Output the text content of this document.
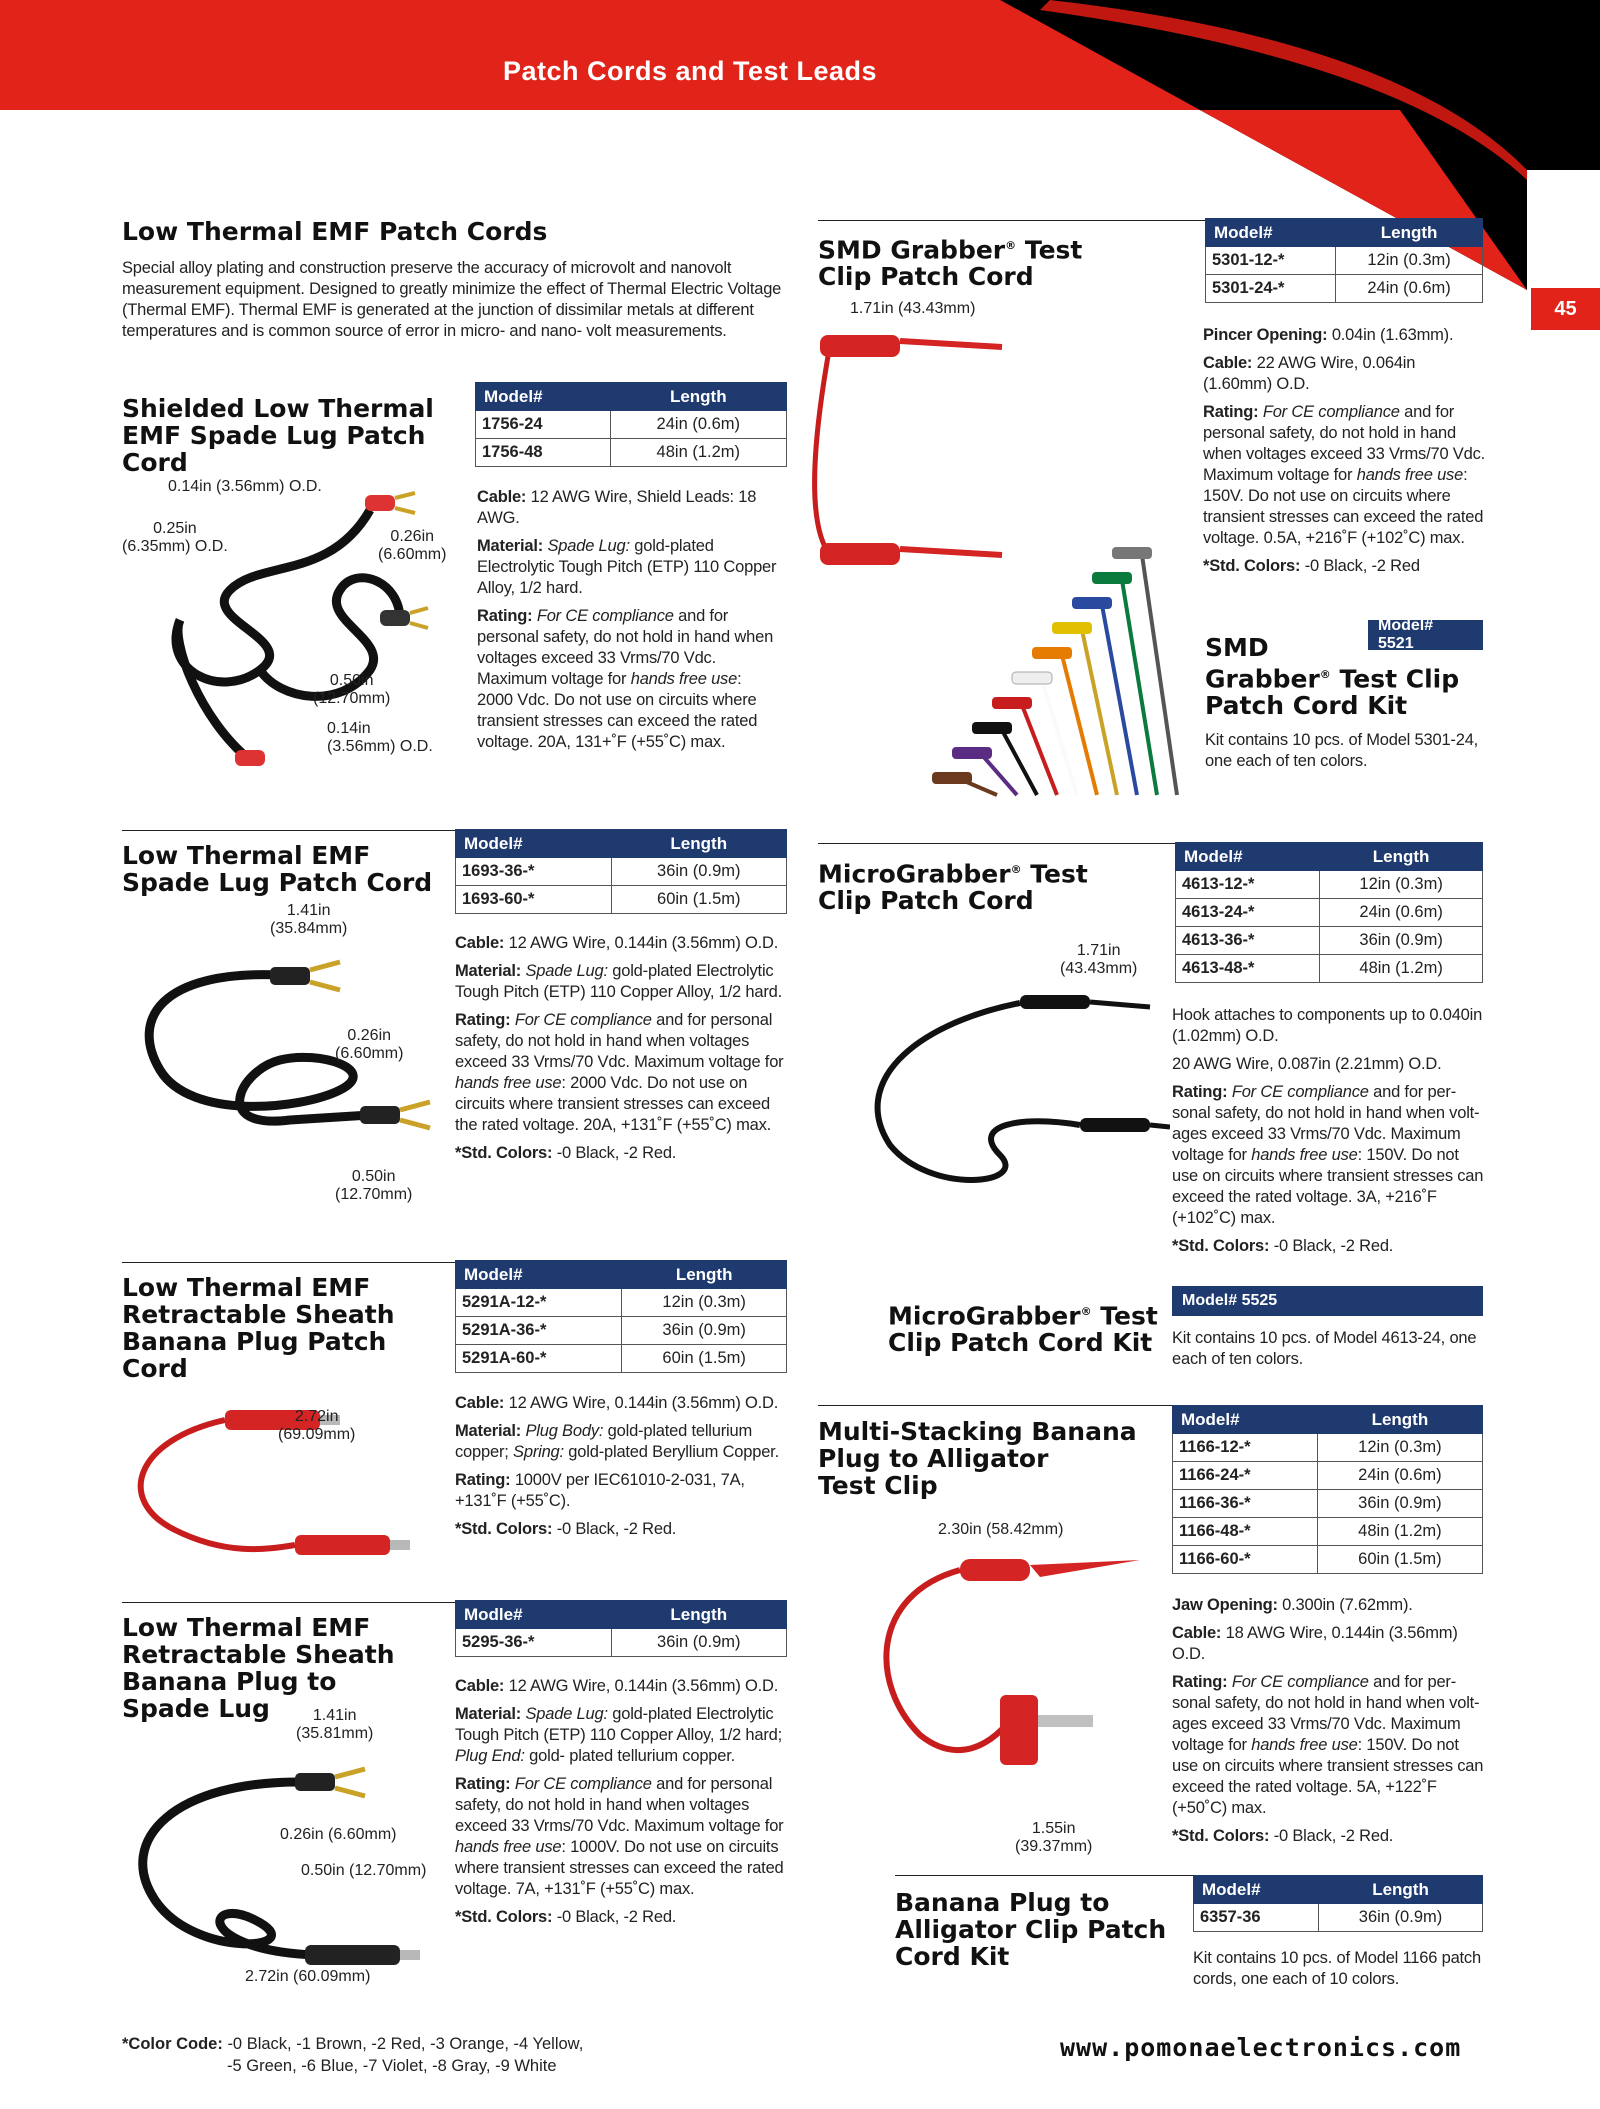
Patch Cords and Test Leads
45
Low Thermal EMF Patch Cords
Special alloy plating and construction preserve the accuracy of microvolt and nanovolt measurement equipment. Designed to greatly minimize the effect of Thermal Electric Voltage (Thermal EMF). Thermal EMF is generated at the junction of dissimilar metals at different temperatures and is common source of error in micro- and nano- volt measurements.
Shielded Low Thermal
EMF Spade Lug Patch
Cord
Model#	Length
1756-24	24in (0.6m)
1756-48	48in (1.2m)

Cable: 12 AWG Wire, Shield Leads: 18 AWG.

Material: Spade Lug: gold-plated Electrolytic Tough Pitch (ETP) 110 Copper Alloy, 1/2 hard.

Rating: For CE compliance and for personal safety, do not hold in hand when voltages exceed 33 Vrms/70 Vdc. Maximum voltage for hands free use: 2000 Vdc. Do not use on circuits where transient stresses can exceed the rated voltage. 20A, 131+˚F (+55˚C) max.

0.14in (3.56mm) O.D.
0.25in
(6.35mm) O.D.
0.26in
(6.60mm)
0.50in
(12.70mm)
0.14in
(3.56mm) O.D.
Low Thermal EMF
Spade Lug Patch Cord
Model#	Length
1693-36-*	36in (0.9m)
1693-60-*	60in (1.5m)

Cable: 12 AWG Wire, 0.144in (3.56mm) O.D.

Material: Spade Lug: gold-plated Electrolytic Tough Pitch (ETP) 110 Copper Alloy, 1/2 hard.

Rating: For CE compliance and for personal safety, do not hold in hand when voltages exceed 33 Vrms/70 Vdc. Maximum voltage for hands free use: 2000 Vdc. Do not use on circuits where transient stresses can exceed the rated voltage. 20A, +131˚F (+55˚C) max.

*Std. Colors: -0 Black, -2 Red.

1.41in
(35.84mm)
0.26in
(6.60mm)
0.50in
(12.70mm)
Low Thermal EMF
Retractable Sheath
Banana Plug Patch
Cord
Model#	Length
5291A-12-*	12in (0.3m)
5291A-36-*	36in (0.9m)
5291A-60-*	60in (1.5m)

Cable: 12 AWG Wire, 0.144in (3.56mm) O.D.

Material: Plug Body: gold-plated tellurium copper; Spring: gold-plated Beryllium Copper.

Rating: 1000V per IEC61010-2-031, 7A, +131˚F (+55˚C).

*Std. Colors: -0 Black, -2 Red.

2.72in
(69.09mm)
Low Thermal EMF
Retractable Sheath
Banana Plug to
Spade Lug
Modle#	Length
5295-36-*	36in (0.9m)

Cable: 12 AWG Wire, 0.144in (3.56mm) O.D.

Material: Spade Lug: gold-plated Electrolytic Tough Pitch (ETP) 110 Copper Alloy, 1/2 hard; Plug End: gold- plated tellurium copper.

Rating: For CE compliance and for personal safety, do not hold in hand when voltages exceed 33 Vrms/70 Vdc. Maximum voltage for hands free use: 1000V. Do not use on circuits where transient stresses can exceed the rated voltage. 7A, +131˚F (+55˚C) max.

*Std. Colors: -0 Black, -2 Red.

1.41in
(35.81mm)
0.26in (6.60mm)
0.50in (12.70mm)
2.72in (60.09mm)
SMD Grabber® Test
Clip Patch Cord
Model#	Length
5301-12-*	12in (0.3m)
5301-24-*	24in (0.6m)
1.71in (43.43mm)

Pincer Opening: 0.04in (1.63mm).

Cable: 22 AWG Wire, 0.064in (1.60mm) O.D.

Rating: For CE compliance and for personal safety, do not hold in hand when voltages exceed 33 Vrms/70 Vdc. Maximum voltage for hands free use: 150V. Do not use on circuits where transient stresses can exceed the rated voltage. 0.5A, +216˚F (+102˚C) max.

*Std. Colors: -0 Black, -2 Red

Model# 5521
SMD
Grabber® Test Clip
Patch Cord Kit
Kit contains 10 pcs. of Model 5301-24, one each of ten colors.
MicroGrabber® Test
Clip Patch Cord
Model#	Length
4613-12-*	12in (0.3m)
4613-24-*	24in (0.6m)
4613-36-*	36in (0.9m)
4613-48-*	48in (1.2m)
1.71in
(43.43mm)

Hook attaches to components up to 0.040in (1.02mm) O.D.

20 AWG Wire, 0.087in (2.21mm) O.D.

Rating: For CE compliance and for per- sonal safety, do not hold in hand when volt- ages exceed 33 Vrms/70 Vdc. Maximum voltage for hands free use: 150V. Do not use on circuits where transient stresses can exceed the rated voltage. 3A, +216˚F (+102˚C) max.

*Std. Colors: -0 Black, -2 Red.

Model# 5525
MicroGrabber® Test
Clip Patch Cord Kit	Kit contains 10 pcs. of Model 4613-24, one each of ten colors.
Multi-Stacking Banana
Plug to Alligator
Test Clip
Model#	Length
1166-12-*	12in (0.3m)
1166-24-*	24in (0.6m)
1166-36-*	36in (0.9m)
1166-48-*	48in (1.2m)
1166-60-*	60in (1.5m)
2.30in (58.42mm)
1.55in
(39.37mm)

Jaw Opening: 0.300in (7.62mm).

Cable: 18 AWG Wire, 0.144in (3.56mm) O.D.

Rating: For CE compliance and for per- sonal safety, do not hold in hand when volt- ages exceed 33 Vrms/70 Vdc. Maximum voltage for hands free use: 150V. Do not use on circuits where transient stresses can exceed the rated voltage. 5A, +122˚F (+50˚C) max.

*Std. Colors: -0 Black, -2 Red.

Banana Plug to
Alligator Clip Patch
Cord Kit
Model#	Length
6357-36	36in (0.9m)
Kit contains 10 pcs. of Model 1166 patch cords, one each of 10 colors.
*Color Code: -0 Black, -1 Brown, -2 Red, -3 Orange, -4 Yellow,
-5 Green, -6 Blue, -7 Violet, -8 Gray, -9 White
www.pomonaelectronics.com
